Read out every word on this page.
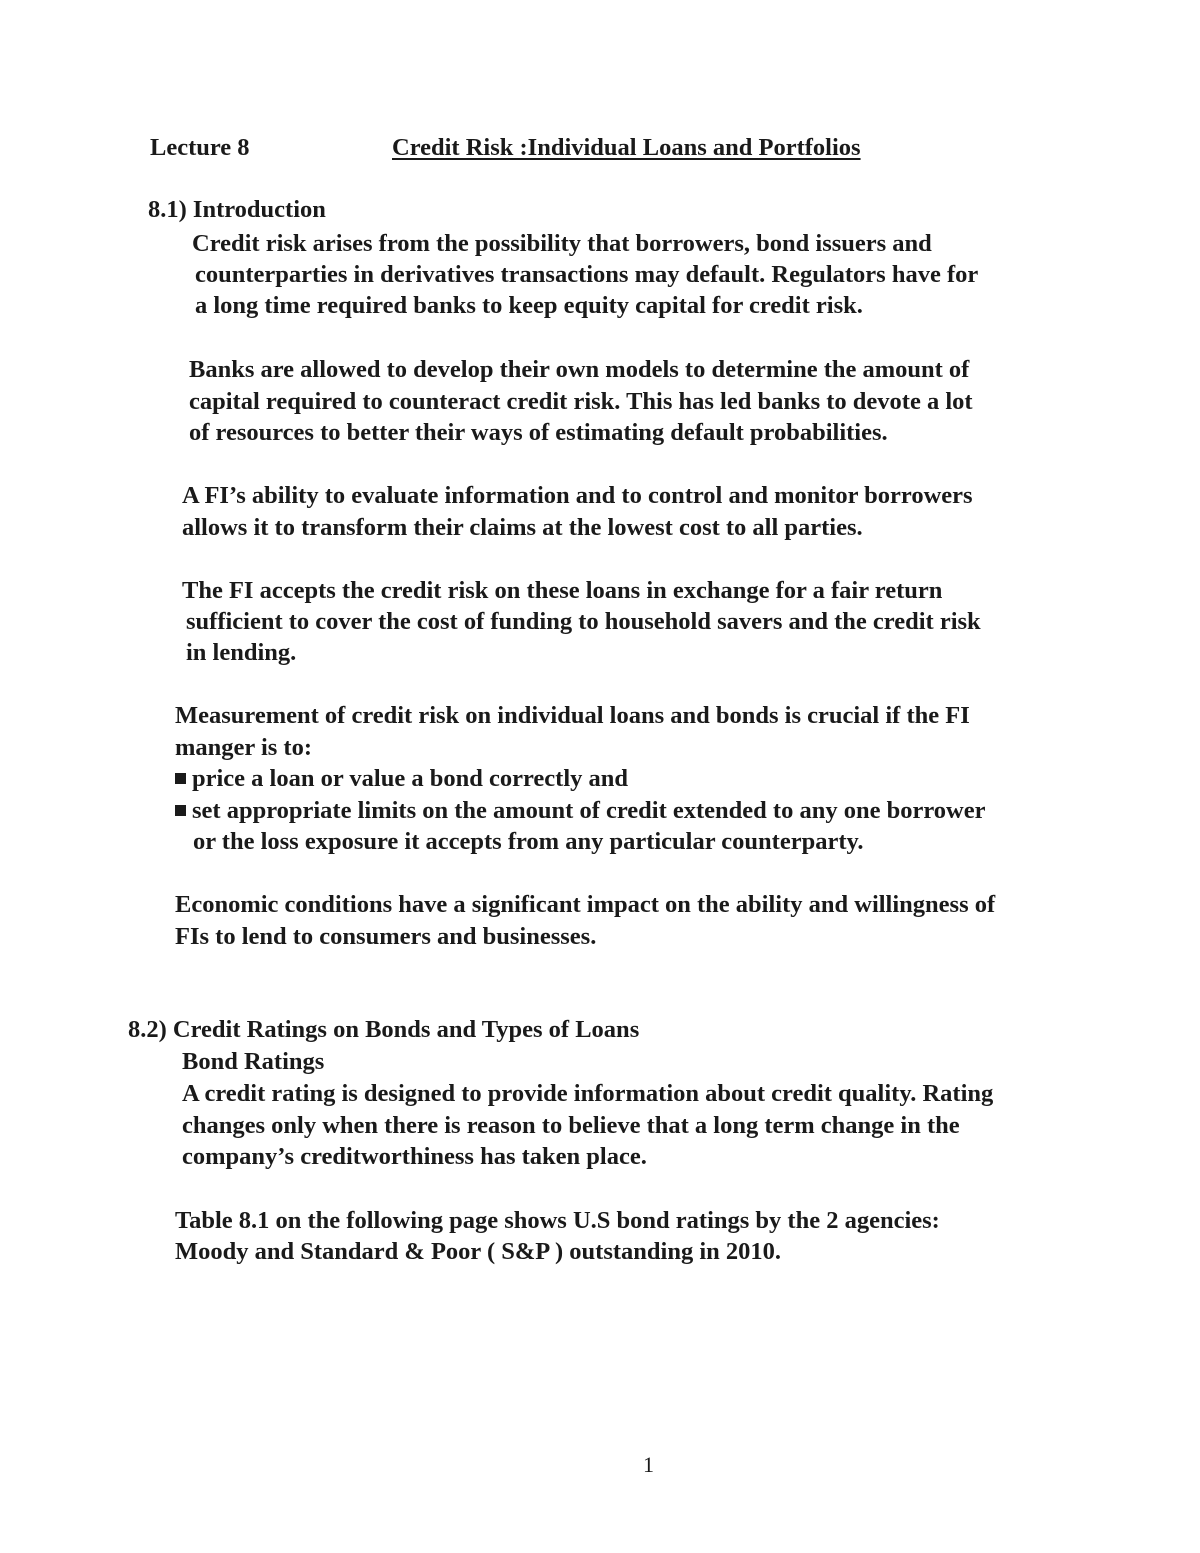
Lecture 8	Credit Risk :Individual Loans and Portfolios
8.1) Introduction
Credit risk arises from the possibility that borrowers, bond issuers and
counterparties in derivatives transactions may default. Regulators have for
a long time required banks to keep equity capital for credit risk.
Banks are allowed to develop their own models to determine the amount of
capital required to counteract credit risk. This has led banks to devote a lot
of resources to better their ways of estimating default probabilities.
A FI’s ability to evaluate information and to control and monitor borrowers
allows it to transform their claims at the lowest cost to all parties.
The FI accepts the credit risk on these loans in exchange for a fair return
sufficient to cover the cost of funding to household savers and the credit risk
in lending.
Measurement of credit risk on individual loans and bonds is crucial if the FI
manger is to:
price a loan or value a bond correctly and
set appropriate limits on the amount of credit extended to any one borrower
or the loss exposure it accepts from any particular counterparty.
Economic conditions have a significant impact on the ability and willingness of
FIs to lend to consumers and businesses.
8.2) Credit Ratings on Bonds and Types of Loans
Bond Ratings
A credit rating is designed to provide information about credit quality. Rating
changes only when there is reason to believe that a long term change in the
company’s creditworthiness has taken place.
Table 8.1 on the following page shows U.S bond ratings by the 2 agencies:
Moody and Standard & Poor ( S&P ) outstanding in 2010.
1
